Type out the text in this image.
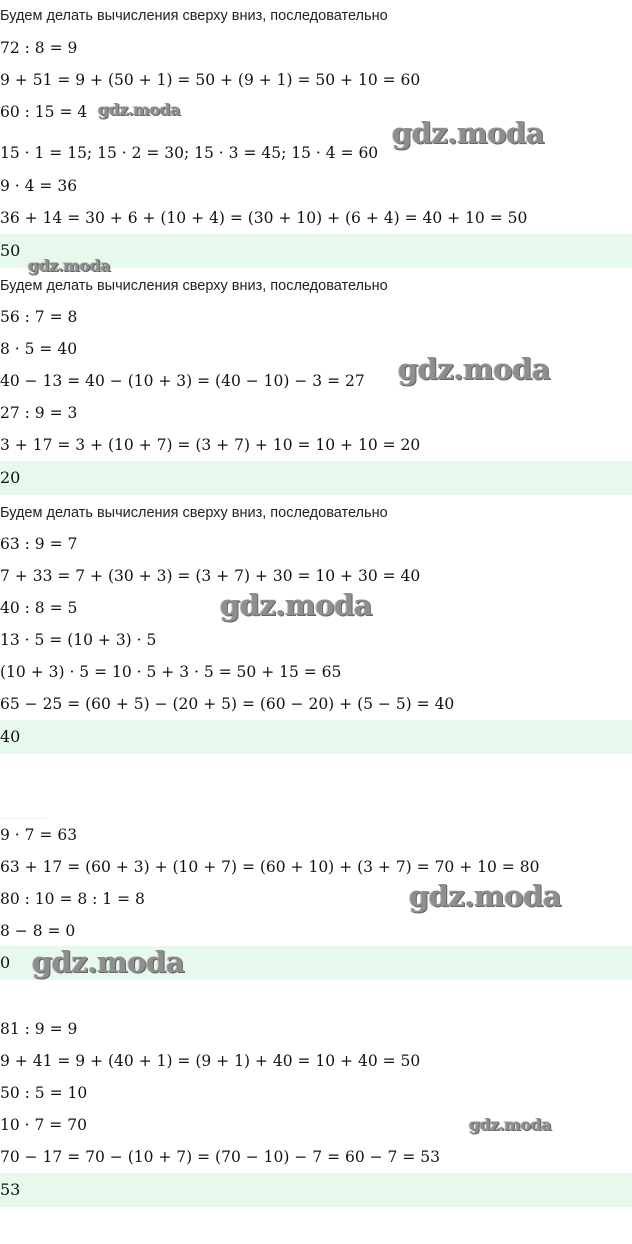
Будем делать вычисления сверху вниз, последовательно
72 : 8 = 9
9 + 51 = 9 + (50 + 1) = 50 + (9 + 1) = 50 + 10 = 60
60 : 15 = 4
15 · 1 = 15; 15 · 2 = 30; 15 · 3 = 45; 15 · 4 = 60
9 · 4 = 36
36 + 14 = 30 + 6 + (10 + 4) = (30 + 10) + (6 + 4) = 40 + 10 = 50
50
Будем делать вычисления сверху вниз, последовательно
56 : 7 = 8
8 · 5 = 40
40 − 13 = 40 − (10 + 3) = (40 − 10) − 3 = 27
27 : 9 = 3
3 + 17 = 3 + (10 + 7) = (3 + 7) + 10 = 10 + 10 = 20
20
Будем делать вычисления сверху вниз, последовательно
63 : 9 = 7
7 + 33 = 7 + (30 + 3) = (3 + 7) + 30 = 10 + 30 = 40
40 : 8 = 5
13 · 5 = (10 + 3) · 5
(10 + 3) · 5 = 10 · 5 + 3 · 5 = 50 + 15 = 65
65 − 25 = (60 + 5) − (20 + 5) = (60 − 20) + (5 − 5) = 40
40
9 · 7 = 63
63 + 17 = (60 + 3) + (10 + 7) = (60 + 10) + (3 + 7) = 70 + 10 = 80
80 : 10 = 8 : 1 = 8
8 − 8 = 0
0
81 : 9 = 9
9 + 41 = 9 + (40 + 1) = (9 + 1) + 40 = 10 + 40 = 50
50 : 5 = 10
10 · 7 = 70
70 − 17 = 70 − (10 + 7) = (70 − 10) − 7 = 60 − 7 = 53
53
gdz.moda
gdz.moda
gdz.moda
gdz.moda
gdz.moda
gdz.moda
gdz.moda
gdz.moda
